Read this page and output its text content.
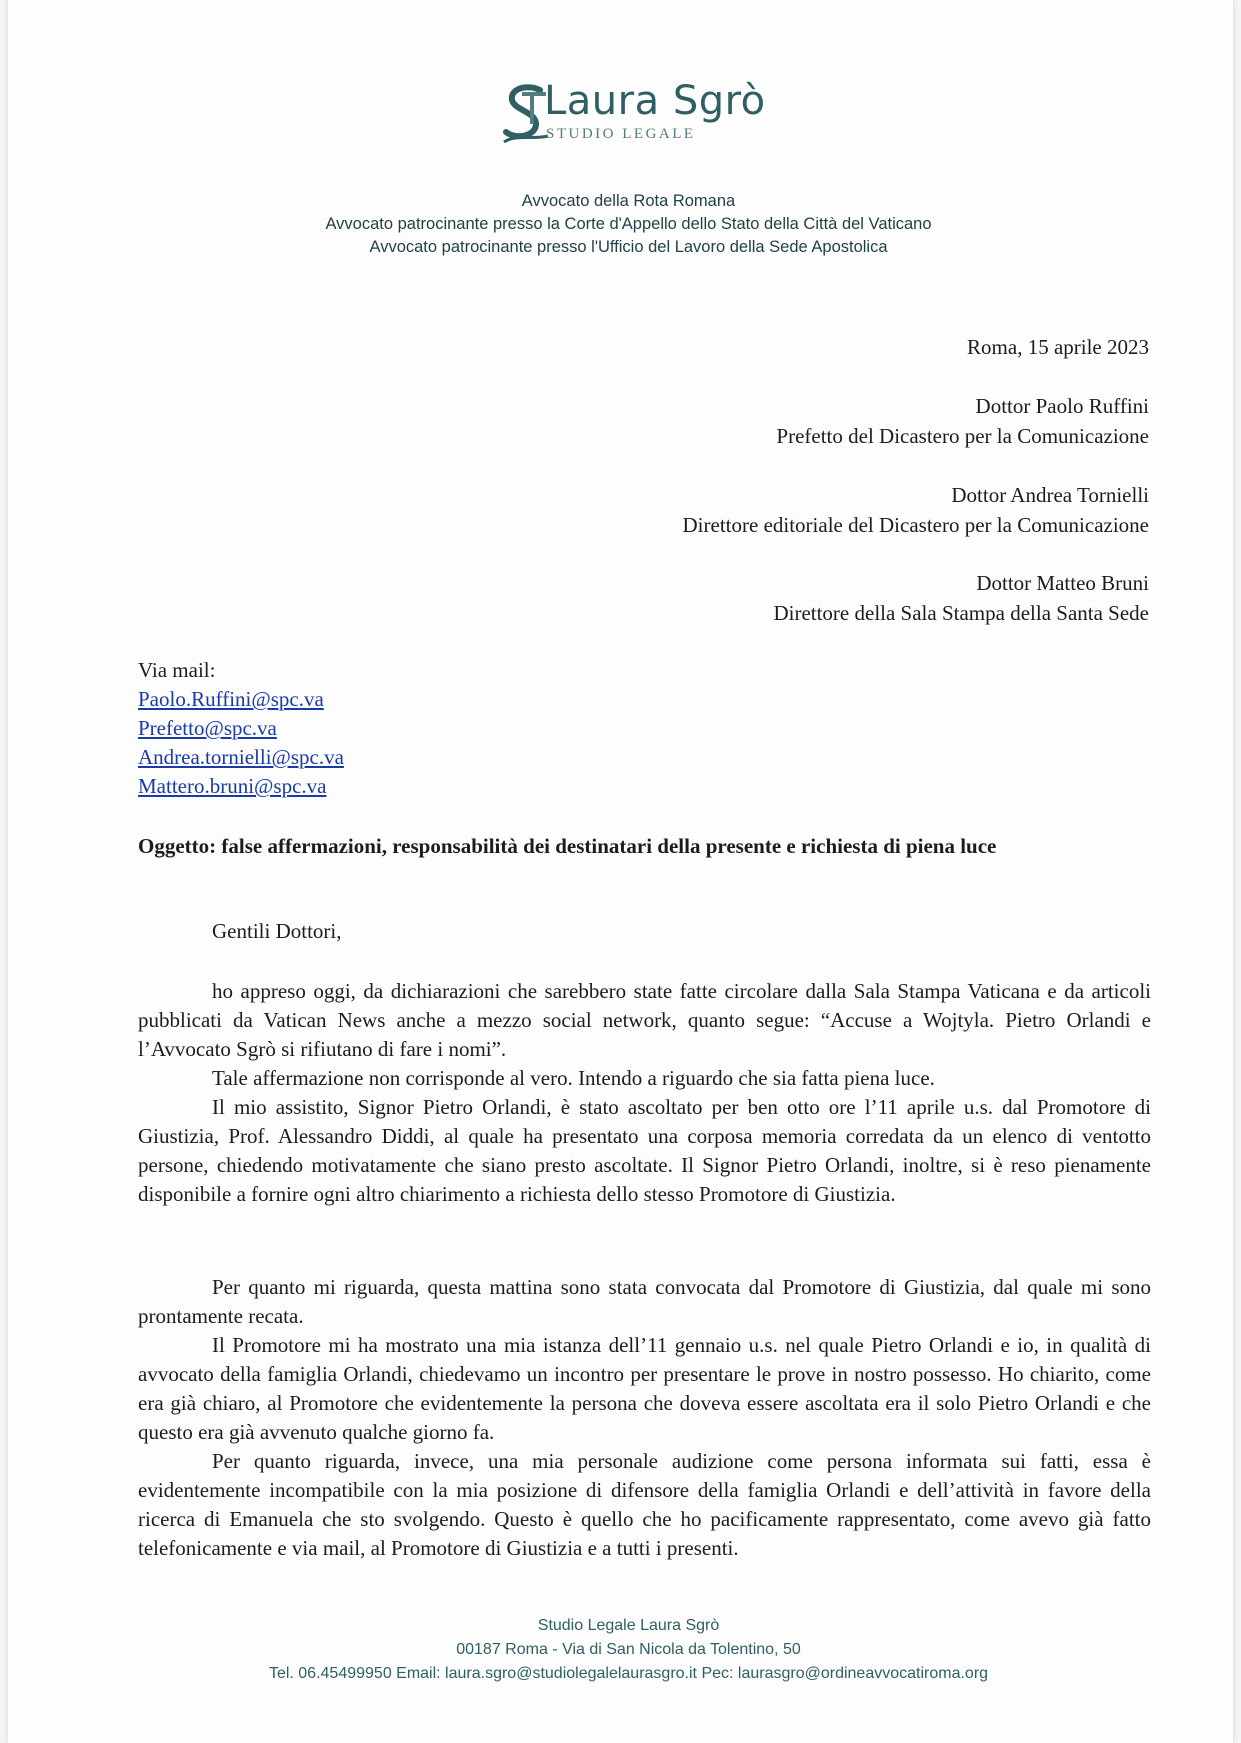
Laura Sgrò
STUDIO LEGALE
Avvocato della Rota Romana
Avvocato patrocinante presso la Corte d'Appello dello Stato della Città del Vaticano
Avvocato patrocinante presso l'Ufficio del Lavoro della Sede Apostolica
Roma, 15 aprile 2023
Dottor Paolo Ruffini
Prefetto del Dicastero per la Comunicazione
Dottor Andrea Tornielli
Direttore editoriale del Dicastero per la Comunicazione
Dottor Matteo Bruni
Direttore della Sala Stampa della Santa Sede
Via mail:
Paolo.Ruffini@spc.va
Prefetto@spc.va
Andrea.tornielli@spc.va
Mattero.bruni@spc.va
Oggetto: false affermazioni, responsabilità dei destinatari della presente e richiesta di piena luce
Gentili Dottori,

ho appreso oggi, da dichiarazioni che sarebbero state fatte circolare dalla Sala Stampa Vaticana e da articoli pubblicati da Vatican News anche a mezzo social network, quanto segue: “Accuse a Wojtyla. Pietro Orlandi e l’Avvocato Sgrò si rifiutano di fare i nomi”.

Tale affermazione non corrisponde al vero. Intendo a riguardo che sia fatta piena luce.

Il mio assistito, Signor Pietro Orlandi, è stato ascoltato per ben otto ore l’11 aprile u.s. dal Promotore di Giustizia, Prof. Alessandro Diddi, al quale ha presentato una corposa memoria corredata da un elenco di ventotto persone, chiedendo motivatamente che siano presto ascoltate. Il Signor Pietro Orlandi, inoltre, si è reso pienamente disponibile a fornire ogni altro chiarimento a richiesta dello stesso Promotore di Giustizia.

Per quanto mi riguarda, questa mattina sono stata convocata dal Promotore di Giustizia, dal quale mi sono prontamente recata.

Il Promotore mi ha mostrato una mia istanza dell’11 gennaio u.s. nel quale Pietro Orlandi e io, in qualità di avvocato della famiglia Orlandi, chiedevamo un incontro per presentare le prove in nostro possesso. Ho chiarito, come era già chiaro, al Promotore che evidentemente la persona che doveva essere ascoltata era il solo Pietro Orlandi e che questo era già avvenuto qualche giorno fa.

Per quanto riguarda, invece, una mia personale audizione come persona informata sui fatti, essa è evidentemente incompatibile con la mia posizione di difensore della famiglia Orlandi e dell’attività in favore della ricerca di Emanuela che sto svolgendo. Questo è quello che ho pacificamente rappresentato, come avevo già fatto telefonicamente e via mail, al Promotore di Giustizia e a tutti i presenti.

Studio Legale Laura Sgrò
00187 Roma - Via di San Nicola da Tolentino, 50
Tel. 06.45499950 Email: laura.sgro@studiolegalelaurasgro.it Pec: laurasgro@ordineavvocatiroma.org
